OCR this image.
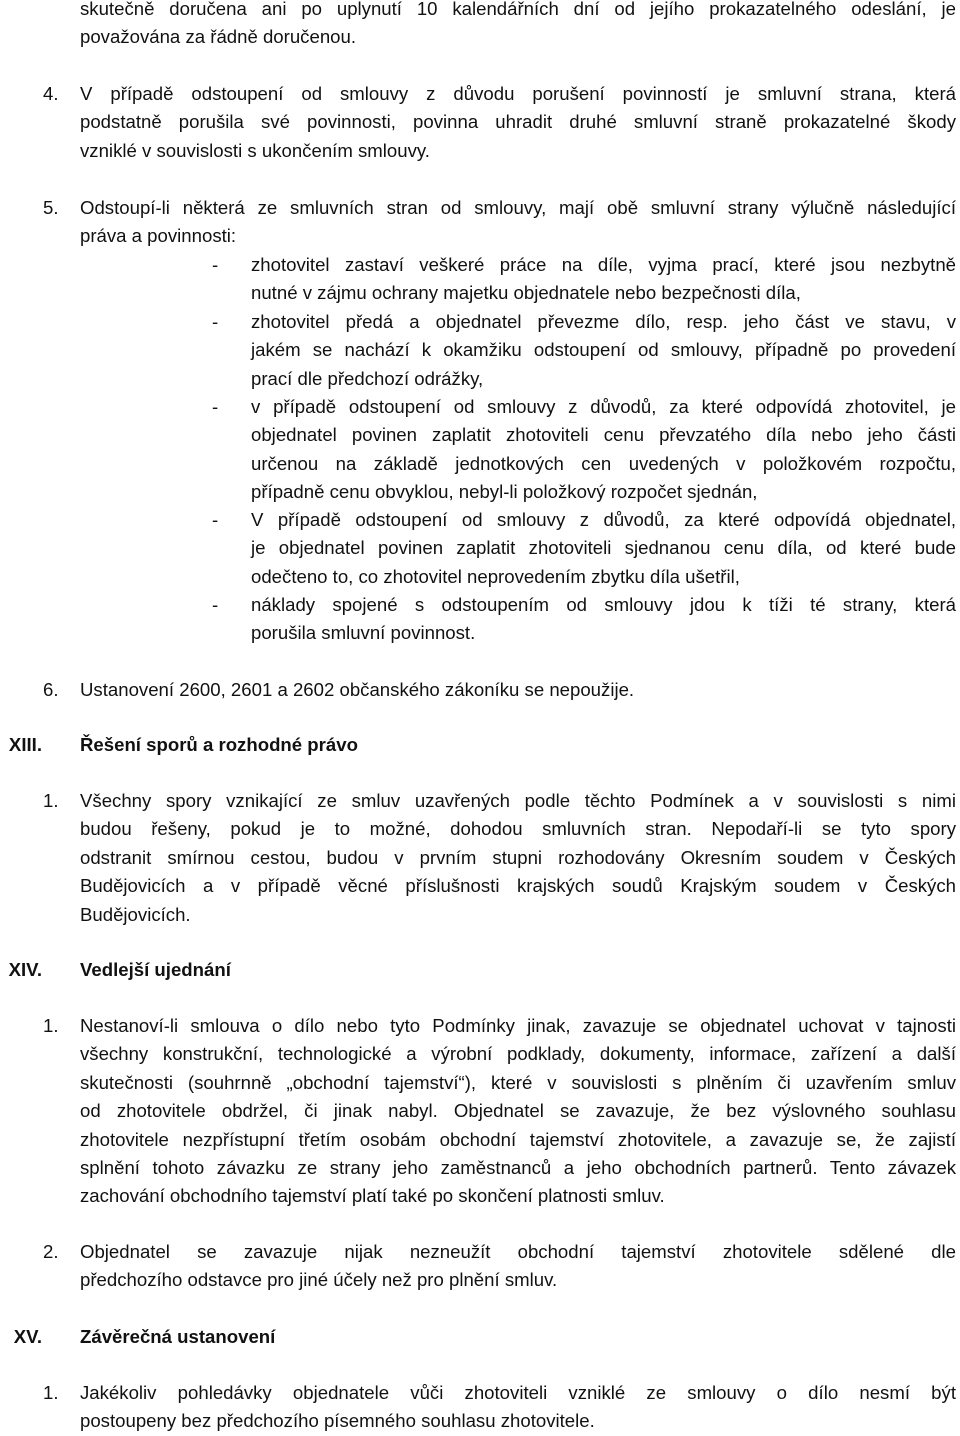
skutečně doručena ani po uplynutí 10 kalendářních dní od jejího prokazatelného odeslání, je
považována za řádně doručenou.

4. V případě odstoupení od smlouvy z důvodu porušení povinností je smluvní strana, která
podstatně porušila své povinnosti, povinna uhradit druhé smluvní straně prokazatelné škody
vzniklé v souvislosti s ukončením smlouvy.

5. Odstoupí-li některá ze smluvních stran od smlouvy, mají obě smluvní strany výlučně následující
práva a povinnosti:

- zhotovitel zastaví veškeré práce na díle, vyjma prací, které jsou nezbytně
nutné v zájmu ochrany majetku objednatele nebo bezpečnosti díla,

- zhotovitel předá a objednatel převezme dílo, resp. jeho část ve stavu, v
jakém se nachází k okamžiku odstoupení od smlouvy, případně po provedení
prací dle předchozí odrážky,

- v případě odstoupení od smlouvy z důvodů, za které odpovídá zhotovitel, je
objednatel povinen zaplatit zhotoviteli cenu převzatého díla nebo jeho části
určenou na základě jednotkových cen uvedených v položkovém rozpočtu,
případně cenu obvyklou, nebyl-li položkový rozpočet sjednán,

- V případě odstoupení od smlouvy z důvodů, za které odpovídá objednatel,
je objednatel povinen zaplatit zhotoviteli sjednanou cenu díla, od které bude
odečteno to, co zhotovitel neprovedením zbytku díla ušetřil,

- náklady spojené s odstoupením od smlouvy jdou k tíži té strany, která
porušila smluvní povinnost.

6. Ustanovení 2600, 2601 a 2602 občanského zákoníku se nepoužije.

XIII. Řešení sporů a rozhodné právo

1. Všechny spory vznikající ze smluv uzavřených podle těchto Podmínek a v souvislosti s nimi
budou řešeny, pokud je to možné, dohodou smluvních stran. Nepodaří-li se tyto spory
odstranit smírnou cestou, budou v prvním stupni rozhodovány Okresním soudem v Českých
Budějovicích a v případě věcné příslušnosti krajských soudů Krajským soudem v Českých
Budějovicích.

XIV. Vedlejší ujednání

1. Nestanoví-li smlouva o dílo nebo tyto Podmínky jinak, zavazuje se objednatel uchovat v tajnosti
všechny konstrukční, technologické a výrobní podklady, dokumenty, informace, zařízení a další
skutečnosti (souhrnně „obchodní tajemství“), které v souvislosti s plněním či uzavřením smluv
od zhotovitele obdržel, či jinak nabyl. Objednatel se zavazuje, že bez výslovného souhlasu
zhotovitele nezpřístupní třetím osobám obchodní tajemství zhotovitele, a zavazuje se, že zajistí
splnění tohoto závazku ze strany jeho zaměstnanců a jeho obchodních partnerů. Tento závazek
zachování obchodního tajemství platí také po skončení platnosti smluv.

2. Objednatel se zavazuje nijak nezneužít obchodní tajemství zhotovitele sdělené dle
předchozího odstavce pro jiné účely než pro plnění smluv.

XV. Závěrečná ustanovení

1. Jakékoliv pohledávky objednatele vůči zhotoviteli vzniklé ze smlouvy o dílo nesmí být
postoupeny bez předchozího písemného souhlasu zhotovitele.
